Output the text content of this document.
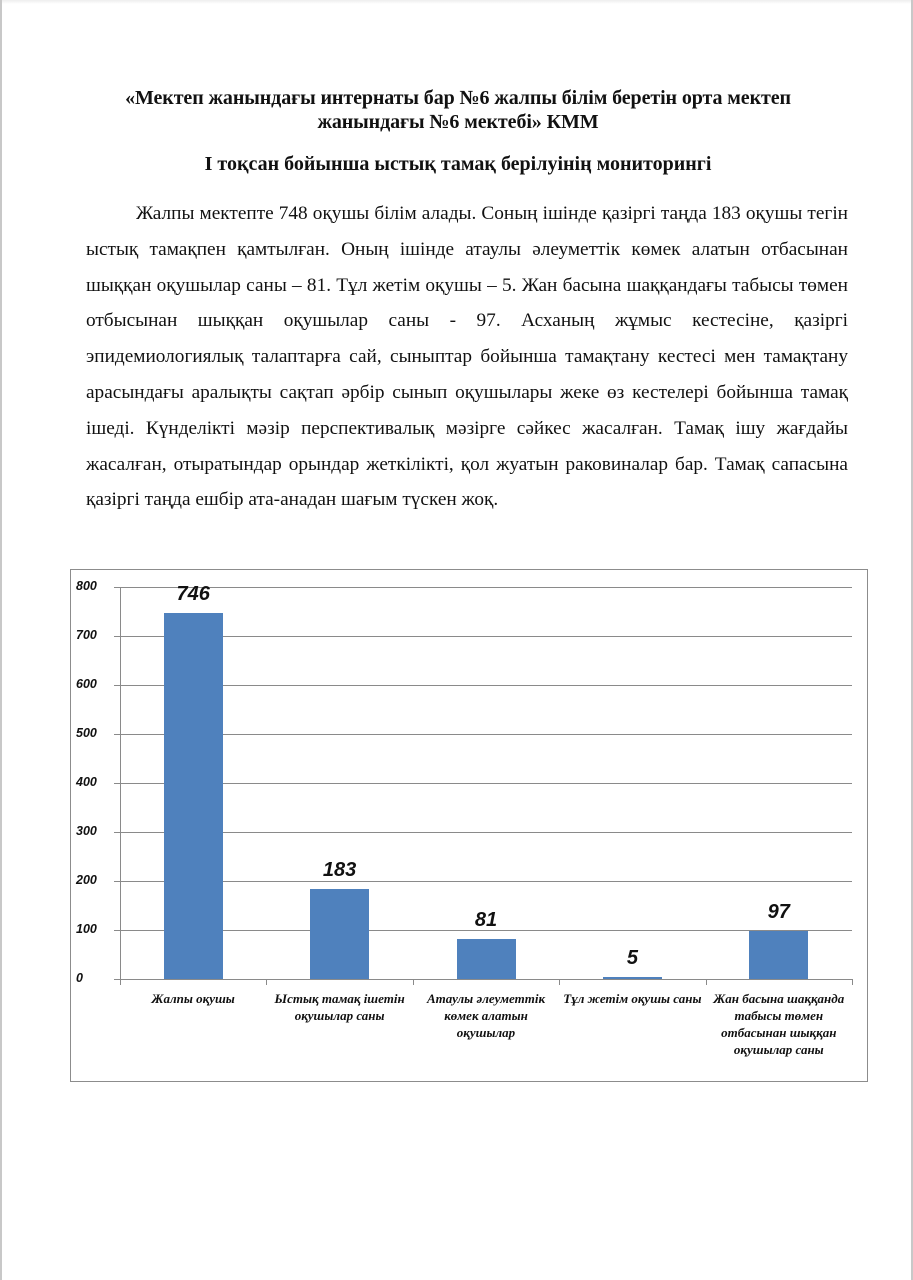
«Мектеп жанындағы интернаты бар №6 жалпы білім беретін орта мектеп жанындағы №6 мектебі» КММ
І тоқсан бойынша ыстық тамақ берілуінің мониторингі
Жалпы мектепте 748 оқушы білім алады. Соның ішінде қазіргі таңда 183 оқушы тегін ыстық тамақпен қамтылған. Оның ішінде атаулы әлеуметтік көмек алатын отбасынан шыққан оқушылар саны – 81. Тұл жетім оқушы – 5. Жан басына шаққандағы табысы төмен отбысынан шыққан оқушылар саны - 97. Асханың жұмыс кестесіне, қазіргі эпидемиологиялық талаптарға сай, сыныптар бойынша тамақтану кестесі мен тамақтану арасындағы аралықты сақтап әрбір сынып оқушылары жеке өз кестелері бойынша тамақ ішеді. Күнделікті мәзір перспективалық мәзірге сәйкес жасалған. Тамақ ішу жағдайы жасалған, отыратындар орындар жеткілікті, қол жуатын раковиналар бар. Тамақ сапасына қазіргі таңда ешбір ата-анадан шағым түскен жоқ.
0
100
200
300
400
500
600
700
800	746
183
81
5
97
Жалпы оқушы	Ыстық тамақ ішетін оқушылар саны
Атаулы әлеуметтік көмек алатын оқушылар
Тұл жетім оқушы саны Жан басына шаққанда табысы төмен отбасынан шыққан оқушылар саны
